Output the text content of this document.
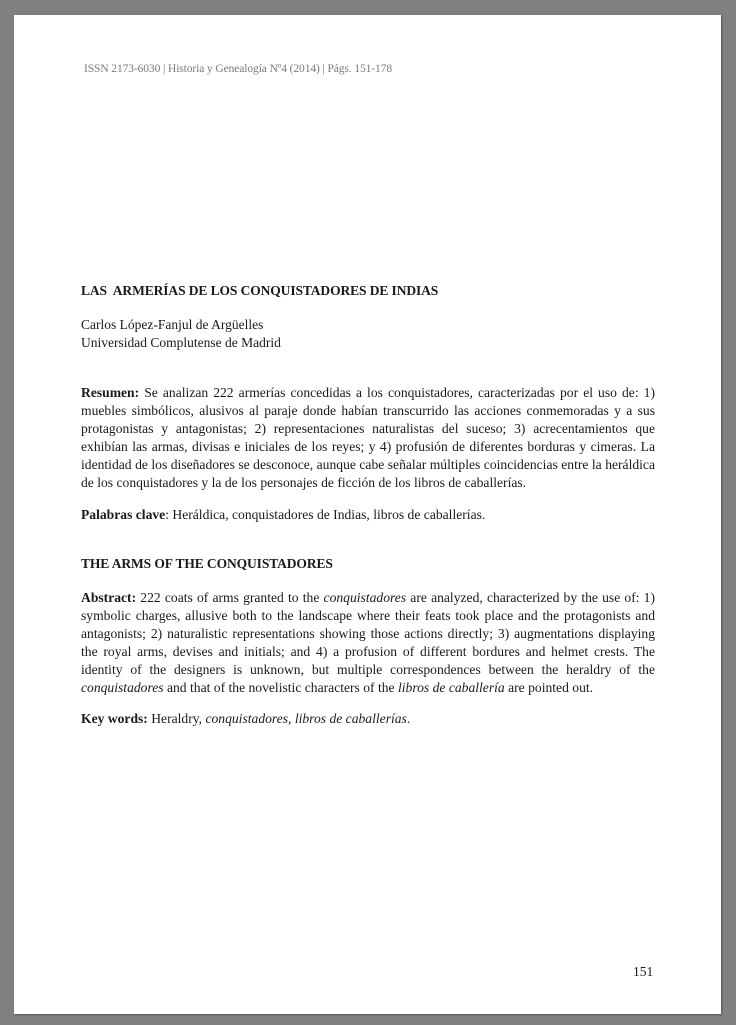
ISSN 2173-6030 | Historia y Genealogía Nº4 (2014) | Págs. 151-178
LAS  ARMERÍAS DE LOS CONQUISTADORES DE INDIAS
Carlos López-Fanjul de Argüelles
Universidad Complutense de Madrid
Resumen: Se analizan 222 armerías concedidas a los conquistadores, caracterizadas por el uso de: 1) muebles simbólicos, alusivos al paraje donde habían transcurrido las acciones conmemoradas y a sus protagonistas y antagonistas; 2) representaciones naturalistas del suceso; 3) acrecentamientos que exhibían las armas, divisas e iniciales de los reyes; y 4) profusión de diferentes borduras y cimeras. La identidad de los diseñadores se desconoce, aunque cabe señalar múltiples coincidencias entre la heráldica de los conquistadores y la de los personajes de ficción de los libros de caballerías.
Palabras clave: Heráldica, conquistadores de Indias, libros de caballerías.
THE ARMS OF THE CONQUISTADORES
Abstract: 222 coats of arms granted to the conquistadores are analyzed, characterized by the use of: 1) symbolic charges, allusive both to the landscape where their feats took place and the protagonists and antagonists; 2) naturalistic representations showing those actions directly; 3) augmentations displaying the royal arms, devises and initials; and 4) a profusion of different bordures and helmet crests. The identity of the designers is unknown, but multiple correspondences between the heraldry of the conquistadores and that of the novelistic characters of the libros de caballería are pointed out.
Key words: Heraldry, conquistadores, libros de caballerías.
151
